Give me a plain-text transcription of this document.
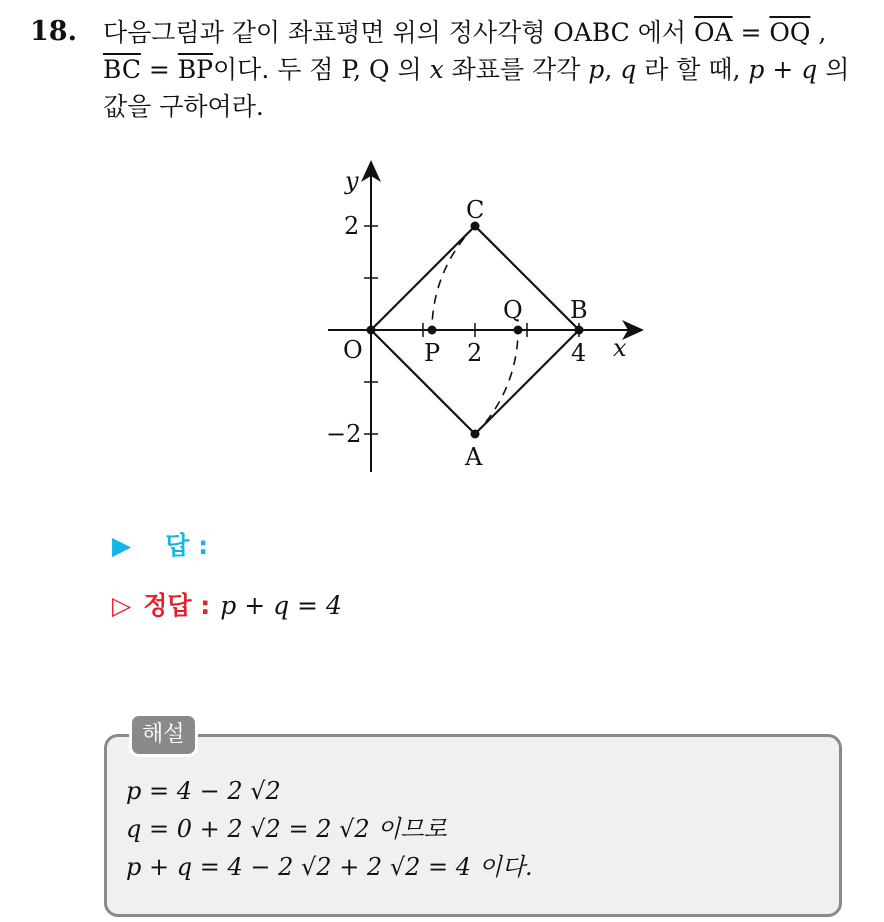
18. 다음그림과 같이 좌표평면 위의 정사각형 OABC 에서 $\overline{OA} = \overline{OQ}$ ,

$\overline{BC} = \overline{BP}$이다. 두 점 P, Q 의 x 좌표를 각각 p, q 라 할 때, p + q 의

값을 구하여라.

y
x
2
−2
2	4
O	P
Q B
C
A
▶ 답 :
▷ 정답 : p + q = 4
해설

p = 4 − 2 √2

q = 0 + 2 √2 = 2 √2 이므로

p + q = 4 − 2 √2 + 2 √2 = 4 이다.
